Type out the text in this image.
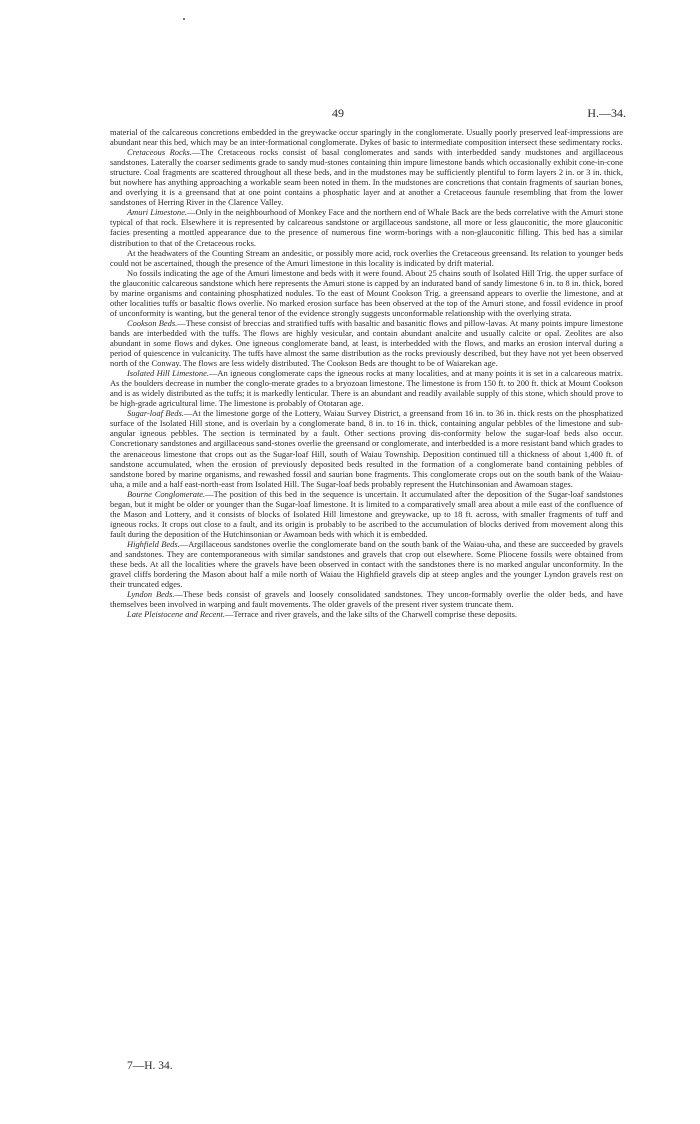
49	H.—34.

material of the calcareous concretions embedded in the greywacke occur sparingly in the conglomerate. Usually poorly preserved leaf-impressions are abundant near this bed, which may be an inter-formational conglomerate. Dykes of basic to intermediate composition intersect these sedimentary rocks.

Cretaceous Rocks.—The Cretaceous rocks consist of basal conglomerates and sands with interbedded sandy mudstones and argillaceous sandstones. Laterally the coarser sediments grade to sandy mud-stones containing thin impure limestone bands which occasionally exhibit cone-in-cone structure. Coal fragments are scattered throughout all these beds, and in the mudstones may be sufficiently plentiful to form layers 2 in. or 3 in. thick, but nowhere has anything approaching a workable seam been noted in them. In the mudstones are concretions that contain fragments of saurian bones, and overlying it is a greensand that at one point contains a phosphatic layer and at another a Cretaceous faunule resembling that from the lower sandstones of Herring River in the Clarence Valley.

Amuri Limestone.—Only in the neighbourhood of Monkey Face and the northern end of Whale Back are the beds correlative with the Amuri stone typical of that rock. Elsewhere it is represented by calcareous sandstone or argillaceous sandstone, all more or less glauconitic, the more glauconitic facies presenting a mottled appearance due to the presence of numerous fine worm-borings with a non-glauconitic filling. This bed has a similar distribution to that of the Cretaceous rocks.

At the headwaters of the Counting Stream an andesitic, or possibly more acid, rock overlies the Cretaceous greensand. Its relation to younger beds could not be ascertained, though the presence of the Amuri limestone in this locality is indicated by drift material.

No fossils indicating the age of the Amuri limestone and beds with it were found. About 25 chains south of Isolated Hill Trig. the upper surface of the glauconitic calcareous sandstone which here represents the Amuri stone is capped by an indurated band of sandy limestone 6 in. to 8 in. thick, bored by marine organisms and containing phosphatized nodules. To the east of Mount Cookson Trig. a greensand appears to overlie the limestone, and at other localities tuffs or basaltic flows overlie. No marked erosion surface has been observed at the top of the Amuri stone, and fossil evidence in proof of unconformity is wanting, but the general tenor of the evidence strongly suggests unconformable relationship with the overlying strata.

Cookson Beds.—These consist of breccias and stratified tuffs with basaltic and basanitic flows and pillow-lavas. At many points impure limestone bands are interbedded with the tuffs. The flows are highly vesicular, and contain abundant analcite and usually calcite or opal. Zeolites are also abundant in some flows and dykes. One igneous conglomerate band, at least, is interbedded with the flows, and marks an erosion interval during a period of quiescence in vulcanicity. The tuffs have almost the same distribution as the rocks previously described, but they have not yet been observed north of the Conway. The flows are less widely distributed. The Cookson Beds are thought to be of Waiarekan age.

Isolated Hill Limestone.—An igneous conglomerate caps the igneous rocks at many localities, and at many points it is set in a calcareous matrix. As the boulders decrease in number the conglo-merate grades to a bryozoan limestone. The limestone is from 150 ft. to 200 ft. thick at Mount Cookson and is as widely distributed as the tuffs; it is markedly lenticular. There is an abundant and readily available supply of this stone, which should prove to be high-grade agricultural lime. The limestone is probably of Ototaran age.

Sugar-loaf Beds.—At the limestone gorge of the Lottery, Waiau Survey District, a greensand from 16 in. to 36 in. thick rests on the phosphatized surface of the Isolated Hill stone, and is overlain by a conglomerate band, 8 in. to 16 in. thick, containing angular pebbles of the limestone and sub-angular igneous pebbles. The section is terminated by a fault. Other sections proving dis-conformity below the sugar-loaf beds also occur. Concretionary sandstones and argillaceous sand-stones overlie the greensand or conglomerate, and interbedded is a more resistant band which grades to the arenaceous limestone that crops out as the Sugar-loaf Hill, south of Waiau Township. Deposition continued till a thickness of about 1,400 ft. of sandstone accumulated, when the erosion of previously deposited beds resulted in the formation of a conglomerate band containing pebbles of sandstone bored by marine organisms, and rewashed fossil and saurian bone fragments. This conglomerate crops out on the south bank of the Waiau-uha, a mile and a half east-north-east from Isolated Hill. The Sugar-loaf beds probably represent the Hutchinsonian and Awamoan stages.

Bourne Conglomerate.—The position of this bed in the sequence is uncertain. It accumulated after the deposition of the Sugar-loaf sandstones began, but it might be older or younger than the Sugar-loaf limestone. It is limited to a comparatively small area about a mile east of the confluence of the Mason and Lottery, and it consists of blocks of Isolated Hill limestone and greywacke, up to 18 ft. across, with smaller fragments of tuff and igneous rocks. It crops out close to a fault, and its origin is probably to be ascribed to the accumulation of blocks derived from movement along this fault during the deposition of the Hutchinsonian or Awamoan beds with which it is embedded.

Highfield Beds.—Argillaceous sandstones overlie the conglomerate band on the south bank of the Waiau-uha, and these are succeeded by gravels and sandstones. They are contemporaneous with similar sandstones and gravels that crop out elsewhere. Some Pliocene fossils were obtained from these beds. At all the localities where the gravels have been observed in contact with the sandstones there is no marked angular unconformity. In the gravel cliffs bordering the Mason about half a mile north of Waiau the Highfield gravels dip at steep angles and the younger Lyndon gravels rest on their truncated edges.

Lyndon Beds.—These beds consist of gravels and loosely consolidated sandstones. They uncon-formably overlie the older beds, and have themselves been involved in warping and fault movements. The older gravels of the present river system truncate them.

Late Pleistocene and Recent.—Terrace and river gravels, and the lake silts of the Charwell comprise these deposits.

7—H. 34.
